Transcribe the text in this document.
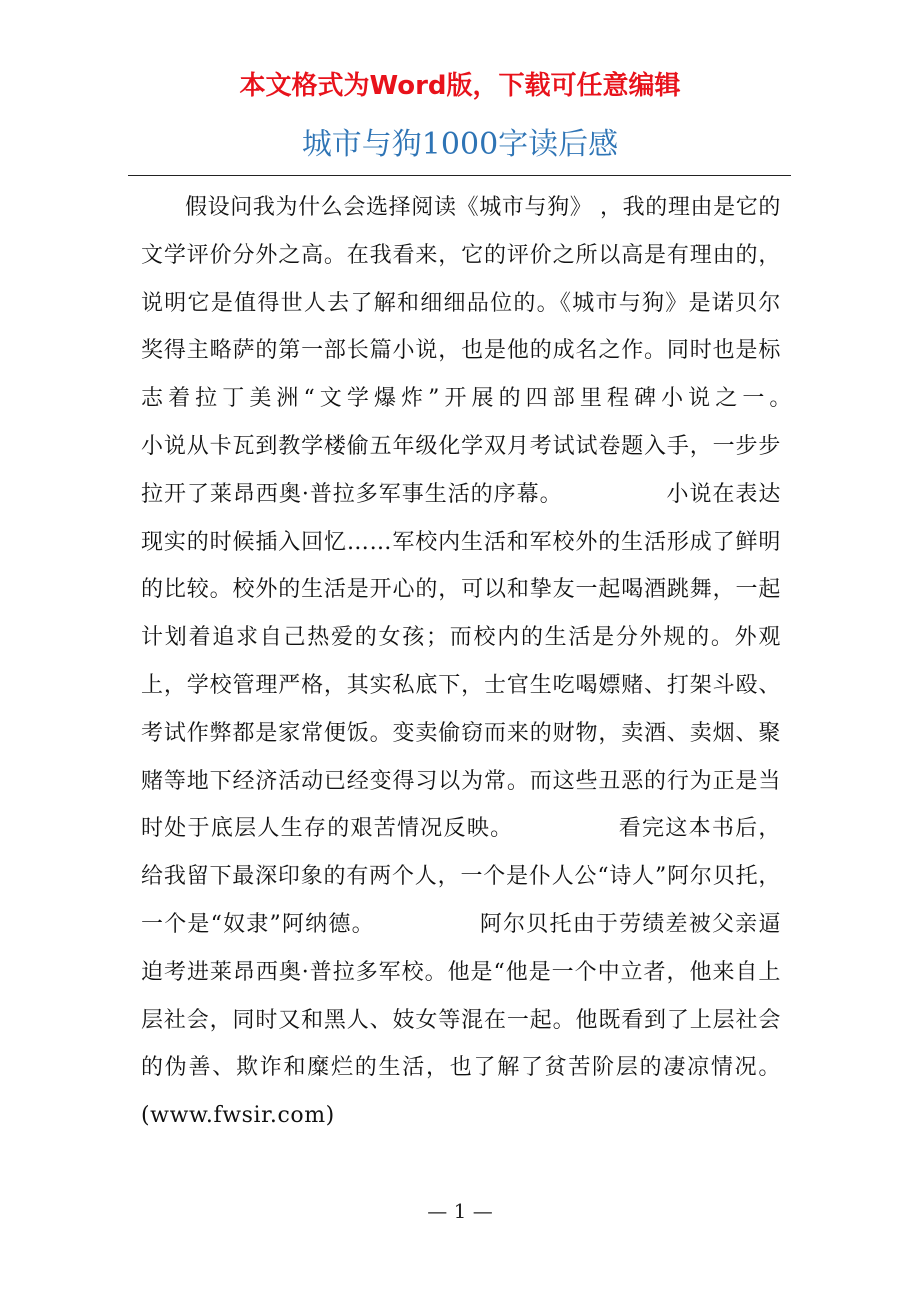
本文格式为Word版，下载可任意编辑
城市与狗1000字读后感

假设问我为什么会选择阅读《城市与狗》 ，我的理由是它的文学评价分外之高。在我看来，它的评价之所以高是有理由的，说明它是值得世人去了解和细细品位的。《城市与狗》是诺贝尔奖得主略萨的第一部长篇小说，也是他的成名之作。同时也是标志着拉丁美洲“文学爆炸”开展的四部里程碑小说之一。　　　　　小说从卡瓦到教学楼偷五年级化学双月考试试卷题入手，一步步拉开了莱昂西奥·普拉多军事生活的序幕。　　　　　小说在表达现实的时候插入回忆……军校内生活和军校外的生活形成了鲜明的比较。校外的生活是开心的，可以和挚友一起喝酒跳舞，一起计划着追求自己热爱的女孩；而校内的生活是分外规的。外观上，学校管理严格，其实私底下，士官生吃喝嫖赌、打架斗殴、考试作弊都是家常便饭。变卖偷窃而来的财物，卖酒、卖烟、聚赌等地下经济活动已经变得习以为常。而这些丑恶的行为正是当时处于底层人生存的艰苦情况反映。　　　　　看完这本书后，给我留下最深印象的有两个人，一个是仆人公“诗人”阿尔贝托，一个是“奴隶”阿纳德。　　　　　阿尔贝托由于劳绩差被父亲逼迫考进莱昂西奥·普拉多军校。他是“他是一个中立者，他来自上层社会，同时又和黑人、妓女等混在一起。他既看到了上层社会的伪善、欺诈和糜烂的生活，也了解了贫苦阶层的凄凉情况。(www.fwsir.com)

— 1 —
